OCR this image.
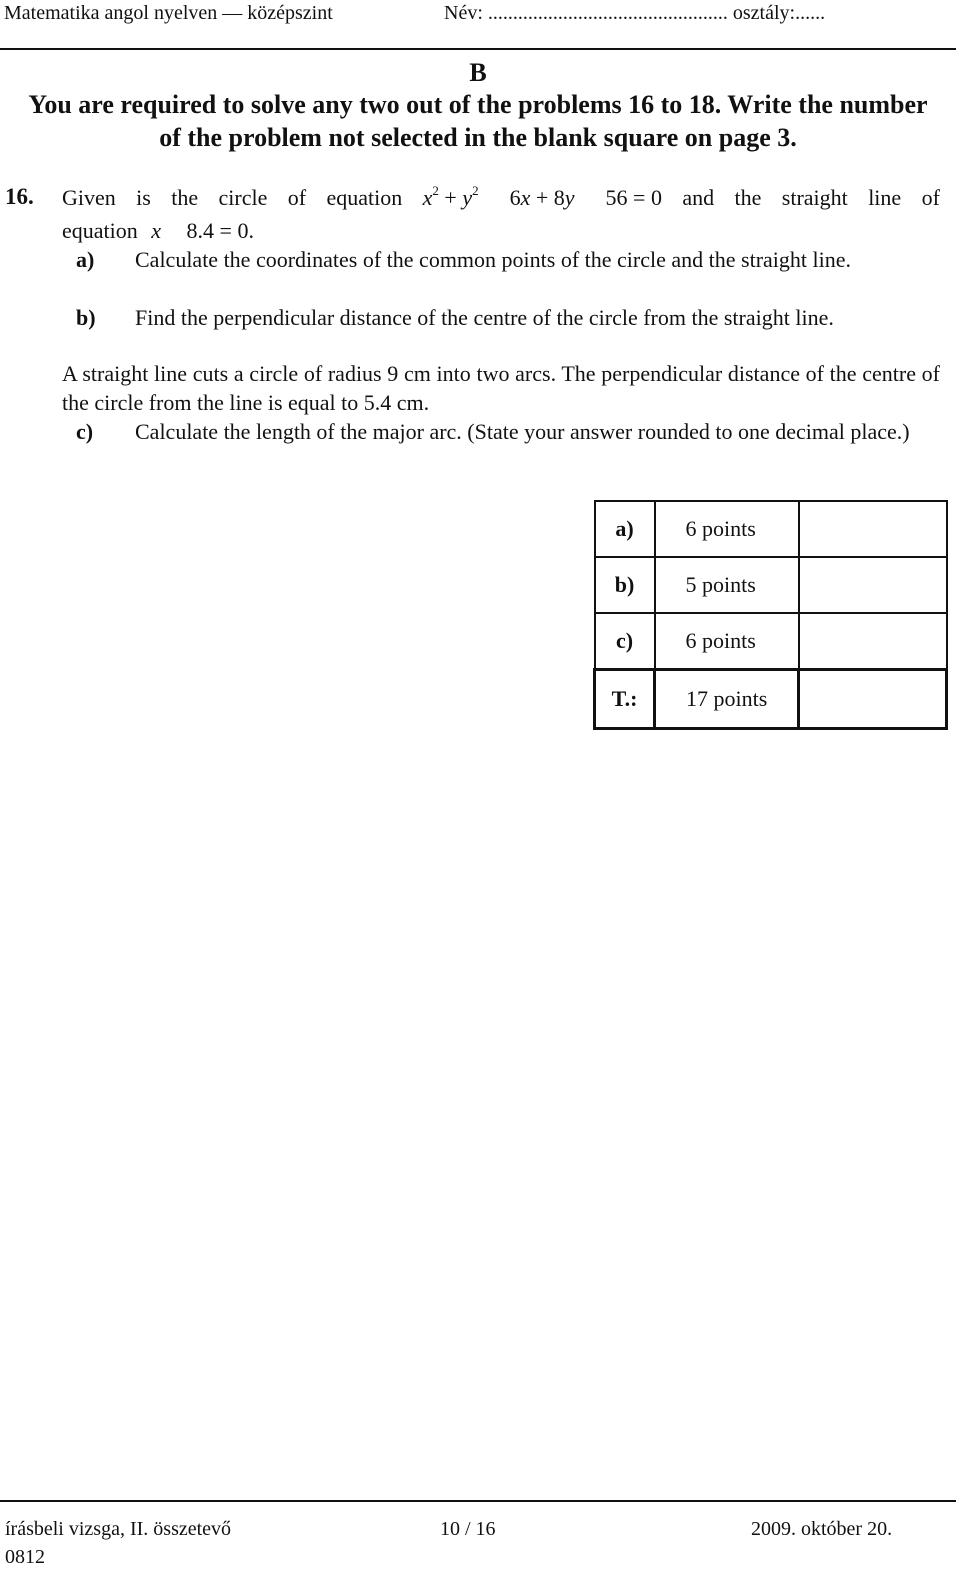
Matematika angol nyelven — középszint	Név: ................................................ osztály:......
B
You are required to solve any two out of the problems 16 to 18. Write the number of the problem not selected in the blank square on page 3.
16. Given is the circle of equation $x^2 + y^2$ 6x + 8y 56 = 0 and the straight line of
equation x 8.4 = 0.
a) Calculate the coordinates of the common points of the circle and the straight line.
b) Find the perpendicular distance of the centre of the circle from the straight line.
A straight line cuts a circle of radius 9 cm into two arcs. The perpendicular distance of the centre of the circle from the line is equal to 5.4 cm.
c) Calculate the length of the major arc. (State your answer rounded to one decimal place.)
a)	6 points	
b)	5 points	
c)	6 points	
T.:	17 points	
írásbeli vizsga, II. összetevő	10 / 16	2009. október 20.
0812
